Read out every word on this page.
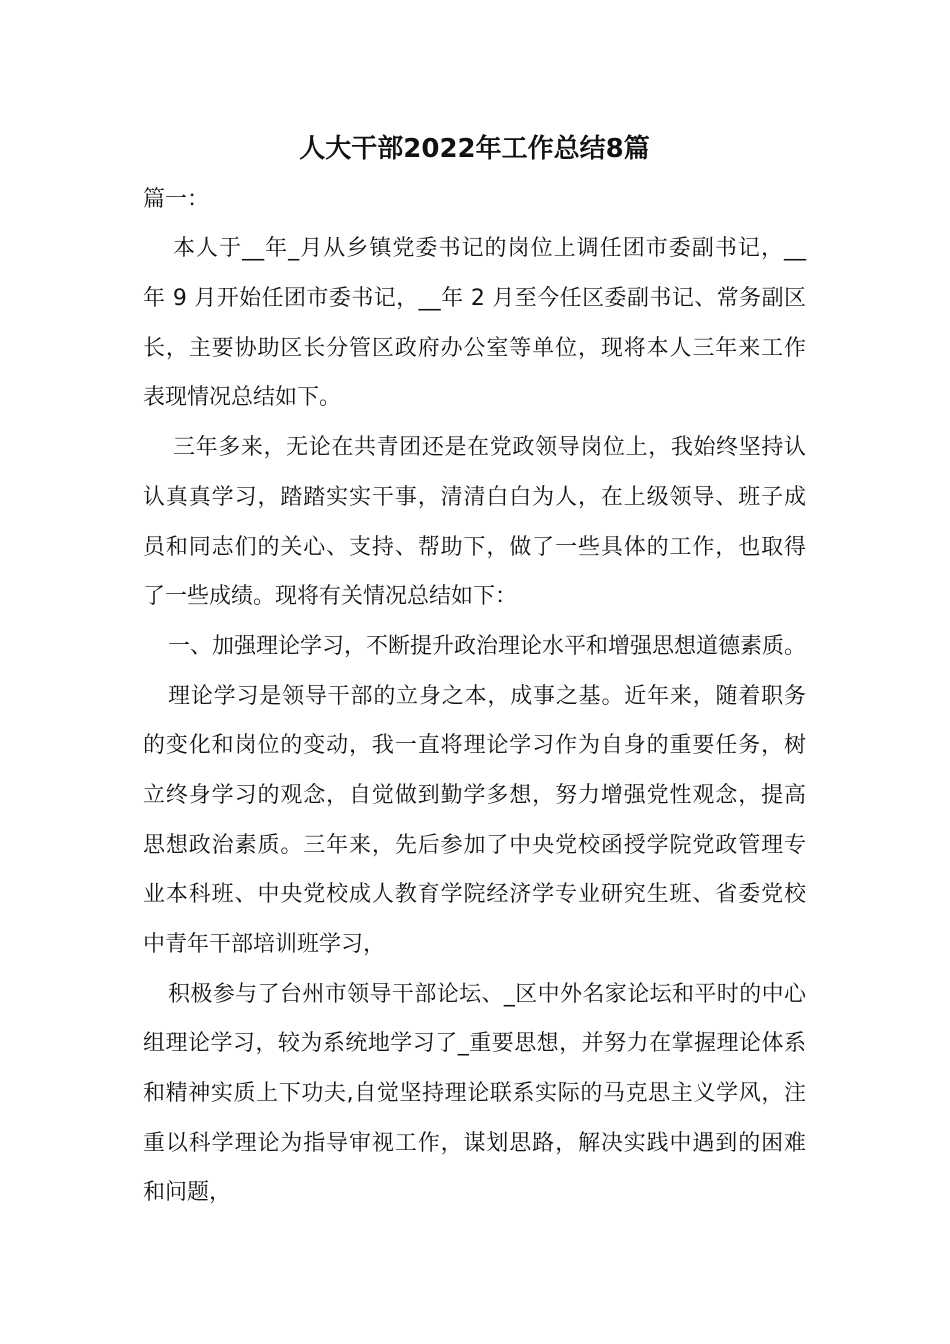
人大干部2022年工作总结8篇
篇一：
本人于__年_月从乡镇党委书记的岗位上调任团市委副书记，__
年 9 月开始任团市委书记，__年 2 月至今任区委副书记、常务副区
长，主要协助区长分管区政府办公室等单位，现将本人三年来工作
表现情况总结如下。
三年多来，无论在共青团还是在党政领导岗位上，我始终坚持认
认真真学习，踏踏实实干事，清清白白为人，在上级领导、班子成
员和同志们的关心、支持、帮助下，做了一些具体的工作，也取得
了一些成绩。现将有关情况总结如下：
一、加强理论学习，不断提升政治理论水平和增强思想道德素质。
理论学习是领导干部的立身之本，成事之基。近年来，随着职务
的变化和岗位的变动，我一直将理论学习作为自身的重要任务，树
立终身学习的观念，自觉做到勤学多想，努力增强党性观念，提高
思想政治素质。三年来，先后参加了中央党校函授学院党政管理专
业本科班、中央党校成人教育学院经济学专业研究生班、省委党校
中青年干部培训班学习，
积极参与了台州市领导干部论坛、_区中外名家论坛和平时的中心
组理论学习，较为系统地学习了_重要思想，并努力在掌握理论体系
和精神实质上下功夫,自觉坚持理论联系实际的马克思主义学风，注
重以科学理论为指导审视工作，谋划思路，解决实践中遇到的困难
和问题，
